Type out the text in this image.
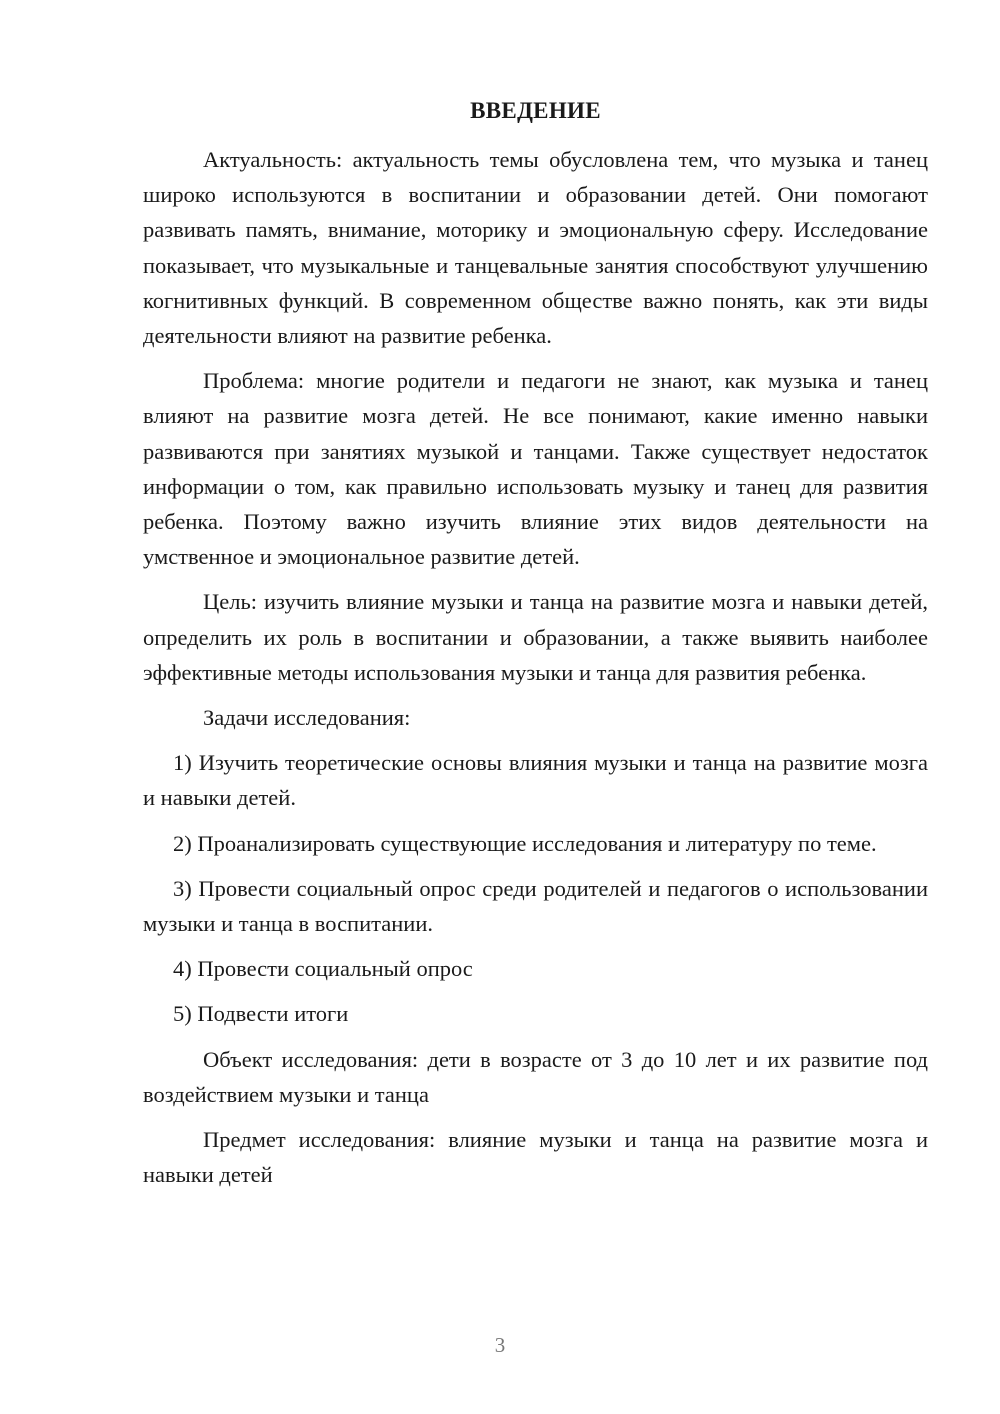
ВВЕДЕНИЕ

Актуальность: актуальность темы обусловлена тем, что музыка и танец широко используются в воспитании и образовании детей. Они помогают развивать память, внимание, моторику и эмоциональную сферу. Исследование показывает, что музыкальные и танцевальные занятия способствуют улучшению когнитивных функций. В современном обществе важно понять, как эти виды деятельности влияют на развитие ребенка.

Проблема: многие родители и педагоги не знают, как музыка и танец влияют на развитие мозга детей. Не все понимают, какие именно навыки развиваются при занятиях музыкой и танцами. Также существует недостаток информации о том, как правильно использовать музыку и танец для развития ребенка. Поэтому важно изучить влияние этих видов деятельности на умственное и эмоциональное развитие детей.

Цель: изучить влияние музыки и танца на развитие мозга и навыки детей, определить их роль в воспитании и образовании, а также выявить наиболее эффективные методы использования музыки и танца для развития ребенка.

Задачи исследования:

1) Изучить теоретические основы влияния музыки и танца на развитие мозга и навыки детей.

2) Проанализировать существующие исследования и литературу по теме.

3) Провести социальный опрос среди родителей и педагогов о использовании музыки и танца в воспитании.

4) Провести социальный опрос

5) Подвести итоги

Объект исследования: дети в возрасте от 3 до 10 лет и их развитие под воздействием музыки и танца

Предмет исследования: влияние музыки и танца на развитие мозга и навыки детей

3
